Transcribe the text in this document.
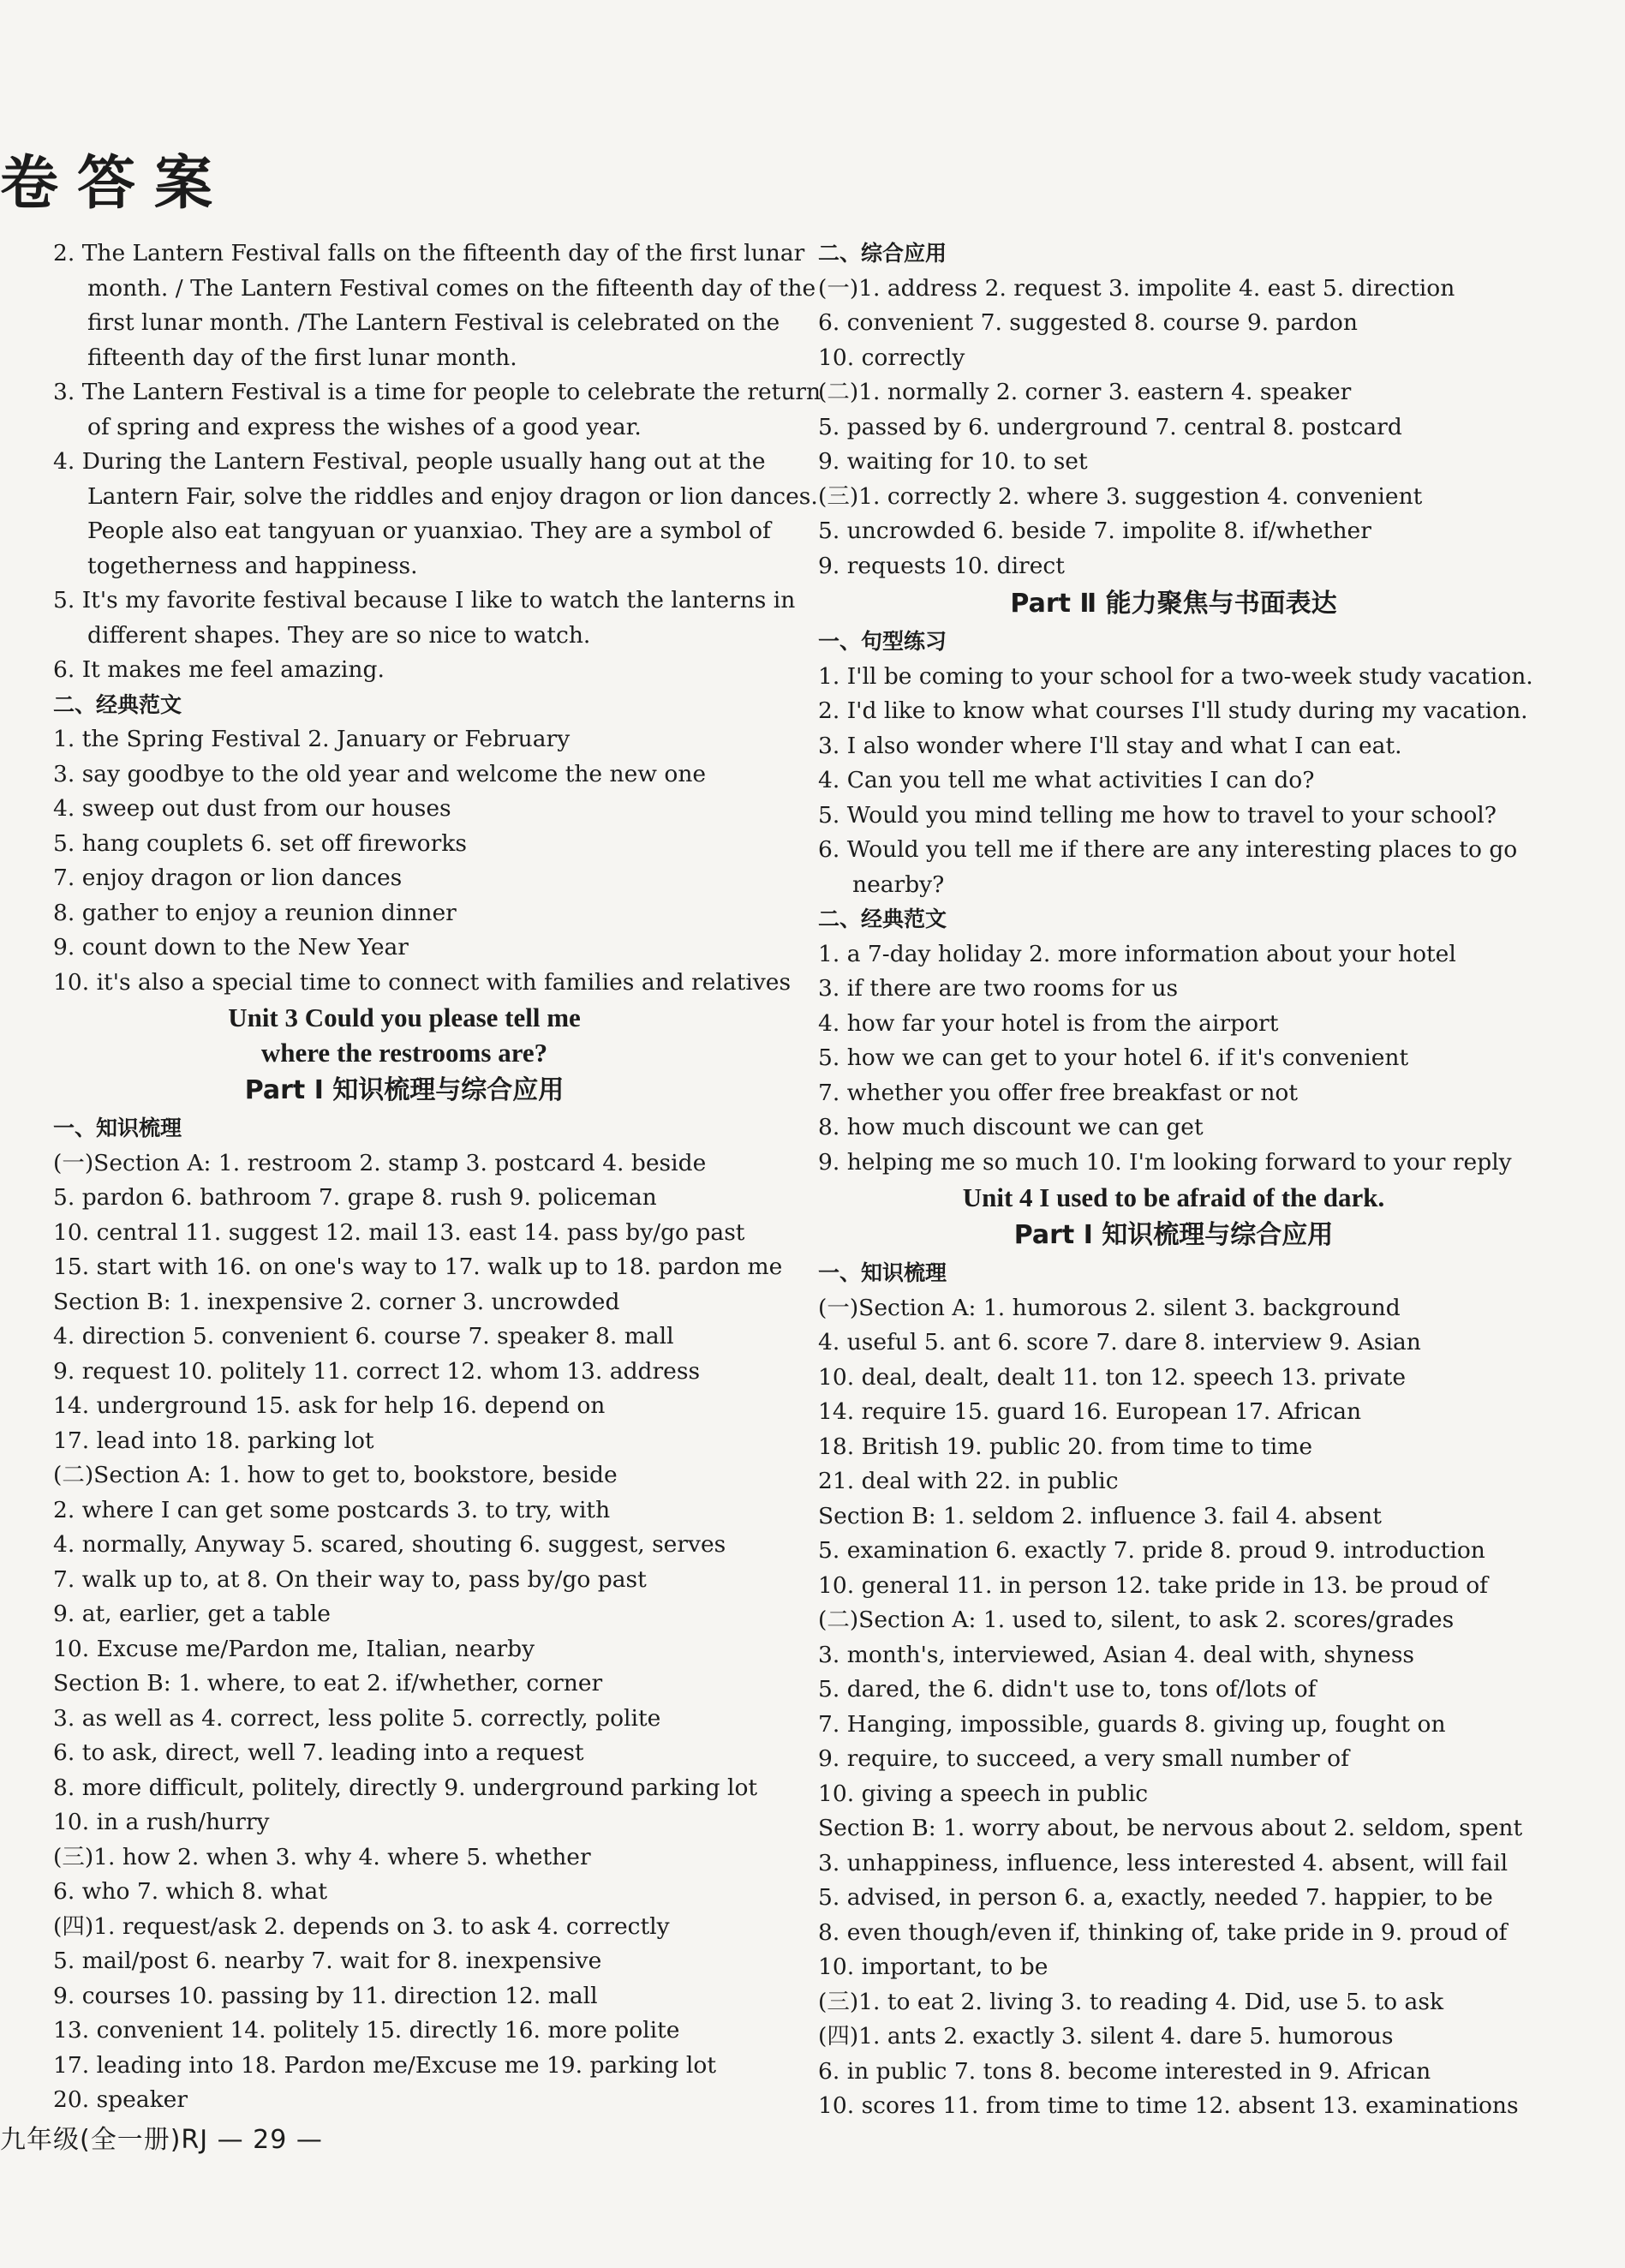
卷答案
2. The Lantern Festival falls on the fifteenth day of the first lunar
month. / The Lantern Festival comes on the fifteenth day of the
first lunar month. /The Lantern Festival is celebrated on the
fifteenth day of the first lunar month.
3. The Lantern Festival is a time for people to celebrate the return
of spring and express the wishes of a good year.
4. During the Lantern Festival, people usually hang out at the
Lantern Fair, solve the riddles and enjoy dragon or lion dances.
People also eat tangyuan or yuanxiao. They are a symbol of
togetherness and happiness.
5. It's my favorite festival because I like to watch the lanterns in
different shapes. They are so nice to watch.
6. It makes me feel amazing.
二、经典范文
1. the Spring Festival 2. January or February
3. say goodbye to the old year and welcome the new one
4. sweep out dust from our houses
5. hang couplets 6. set off fireworks
7. enjoy dragon or lion dances
8. gather to enjoy a reunion dinner
9. count down to the New Year
10. it's also a special time to connect with families and relatives
Unit 3 Could you please tell me
where the restrooms are?
Part Ⅰ 知识梳理与综合应用
一、知识梳理
(一)Section A: 1. restroom 2. stamp 3. postcard 4. beside
5. pardon 6. bathroom 7. grape 8. rush 9. policeman
10. central 11. suggest 12. mail 13. east 14. pass by/go past
15. start with 16. on one's way to 17. walk up to 18. pardon me
Section B: 1. inexpensive 2. corner 3. uncrowded
4. direction 5. convenient 6. course 7. speaker 8. mall
9. request 10. politely 11. correct 12. whom 13. address
14. underground 15. ask for help 16. depend on
17. lead into 18. parking lot
(二)Section A: 1. how to get to, bookstore, beside
2. where I can get some postcards 3. to try, with
4. normally, Anyway 5. scared, shouting 6. suggest, serves
7. walk up to, at 8. On their way to, pass by/go past
9. at, earlier, get a table
10. Excuse me/Pardon me, Italian, nearby
Section B: 1. where, to eat 2. if/whether, corner
3. as well as 4. correct, less polite 5. correctly, polite
6. to ask, direct, well 7. leading into a request
8. more difficult, politely, directly 9. underground parking lot
10. in a rush/hurry
(三)1. how 2. when 3. why 4. where 5. whether
6. who 7. which 8. what
(四)1. request/ask 2. depends on 3. to ask 4. correctly
5. mail/post 6. nearby 7. wait for 8. inexpensive
9. courses 10. passing by 11. direction 12. mall
13. convenient 14. politely 15. directly 16. more polite
17. leading into 18. Pardon me/Excuse me 19. parking lot
20. speaker
二、综合应用
(一)1. address 2. request 3. impolite 4. east 5. direction
6. convenient 7. suggested 8. course 9. pardon
10. correctly
(二)1. normally 2. corner 3. eastern 4. speaker
5. passed by 6. underground 7. central 8. postcard
9. waiting for 10. to set
(三)1. correctly 2. where 3. suggestion 4. convenient
5. uncrowded 6. beside 7. impolite 8. if/whether
9. requests 10. direct
Part Ⅱ 能力聚焦与书面表达
一、句型练习
1. I'll be coming to your school for a two-week study vacation.
2. I'd like to know what courses I'll study during my vacation.
3. I also wonder where I'll stay and what I can eat.
4. Can you tell me what activities I can do?
5. Would you mind telling me how to travel to your school?
6. Would you tell me if there are any interesting places to go
nearby?
二、经典范文
1. a 7-day holiday 2. more information about your hotel
3. if there are two rooms for us
4. how far your hotel is from the airport
5. how we can get to your hotel 6. if it's convenient
7. whether you offer free breakfast or not
8. how much discount we can get
9. helping me so much 10. I'm looking forward to your reply
Unit 4 I used to be afraid of the dark.
Part Ⅰ 知识梳理与综合应用
一、知识梳理
(一)Section A: 1. humorous 2. silent 3. background
4. useful 5. ant 6. score 7. dare 8. interview 9. Asian
10. deal, dealt, dealt 11. ton 12. speech 13. private
14. require 15. guard 16. European 17. African
18. British 19. public 20. from time to time
21. deal with 22. in public
Section B: 1. seldom 2. influence 3. fail 4. absent
5. examination 6. exactly 7. pride 8. proud 9. introduction
10. general 11. in person 12. take pride in 13. be proud of
(二)Section A: 1. used to, silent, to ask 2. scores/grades
3. month's, interviewed, Asian 4. deal with, shyness
5. dared, the 6. didn't use to, tons of/lots of
7. Hanging, impossible, guards 8. giving up, fought on
9. require, to succeed, a very small number of
10. giving a speech in public
Section B: 1. worry about, be nervous about 2. seldom, spent
3. unhappiness, influence, less interested 4. absent, will fail
5. advised, in person 6. a, exactly, needed 7. happier, to be
8. even though/even if, thinking of, take pride in 9. proud of
10. important, to be
(三)1. to eat 2. living 3. to reading 4. Did, use 5. to ask
(四)1. ants 2. exactly 3. silent 4. dare 5. humorous
6. in public 7. tons 8. become interested in 9. African
10. scores 11. from time to time 12. absent 13. examinations
九年级(全一册)RJ — 29 —
